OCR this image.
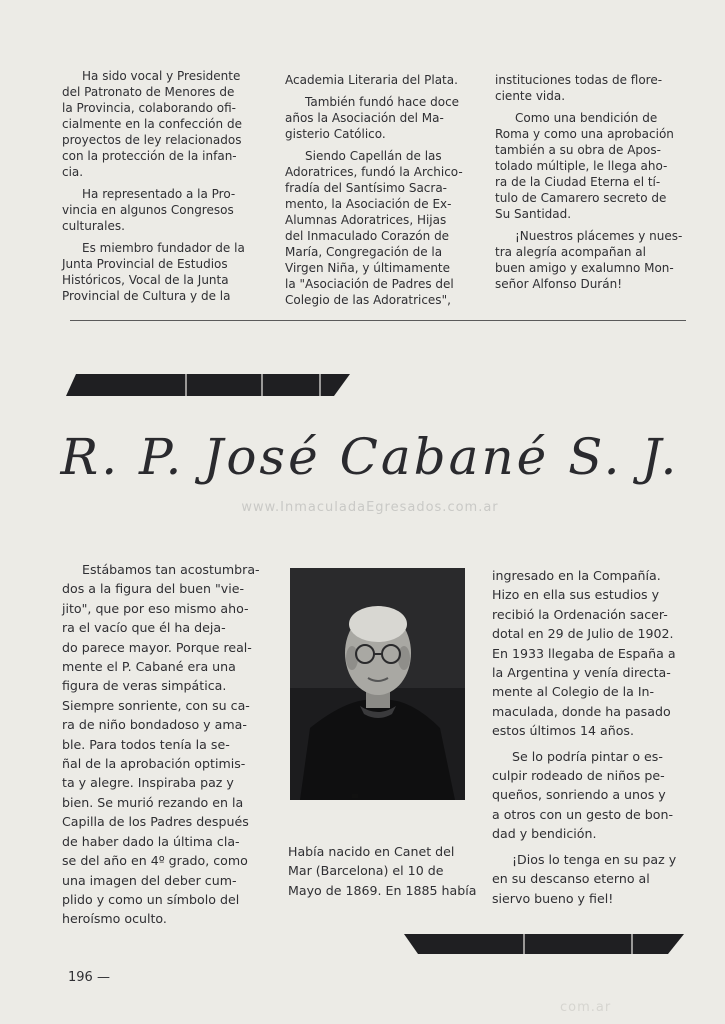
Ha sido vocal y Presidente
del Patronato de Menores de
la Provincia, colaborando ofi-
cialmente en la confección de
proyectos de ley relacionados
con la protección de la infan-
cia.

Ha representado a la Pro-
vincia en algunos Congresos
culturales.

Es miembro fundador de la
Junta Provincial de Estudios
Históricos, Vocal de la Junta
Provincial de Cultura y de la

Academia Literaria del Plata.

También fundó hace doce
años la Asociación del Ma-
gisterio Católico.

Siendo Capellán de las
Adoratrices, fundó la Archico-
fradía del Santísimo Sacra-
mento, la Asociación de Ex-
Alumnas Adoratrices, Hijas
del Inmaculado Corazón de
María, Congregación de la
Virgen Niña, y últimamente
la "Asociación de Padres del
Colegio de las Adoratrices",

instituciones todas de flore-
ciente vida.

Como una bendición de
Roma y como una aprobación
también a su obra de Apos-
tolado múltiple, le llega aho-
ra de la Ciudad Eterna el tí-
tulo de Camarero secreto de
Su Santidad.

¡Nuestros plácemes y nues-
tra alegría acompañan al
buen amigo y exalumno Mon-
señor Alfonso Durán!

R. P. José Cabané S. J.
www.InmaculadaEgresados.com.ar

Estábamos tan acostumbra-
dos a la figura del buen "vie-
jito", que por eso mismo aho-
ra el vacío que él ha deja-
do parece mayor. Porque real-
mente el P. Cabané era una
figura de veras simpática.
Siempre sonriente, con su ca-
ra de niño bondadoso y ama-
ble. Para todos tenía la se-
ñal de la aprobación optimis-
ta y alegre. Inspiraba paz y
bien. Se murió rezando en la
Capilla de los Padres después
de haber dado la última cla-
se del año en 4º grado, como
una imagen del deber cum-
plido y como un símbolo del
heroísmo oculto.

Había nacido en Canet del
Mar (Barcelona) el 10 de
Mayo de 1869. En 1885 había

ingresado en la Compañía.
Hizo en ella sus estudios y
recibió la Ordenación sacer-
dotal en 29 de Julio de 1902.
En 1933 llegaba de España a
la Argentina y venía directa-
mente al Colegio de la In-
maculada, donde ha pasado
estos últimos 14 años.

Se lo podría pintar o es-
culpir rodeado de niños pe-
queños, sonriendo a unos y
a otros con un gesto de bon-
dad y bendición.

¡Dios lo tenga en su paz y
en su descanso eterno al
siervo bueno y fiel!

196 —
com.ar
